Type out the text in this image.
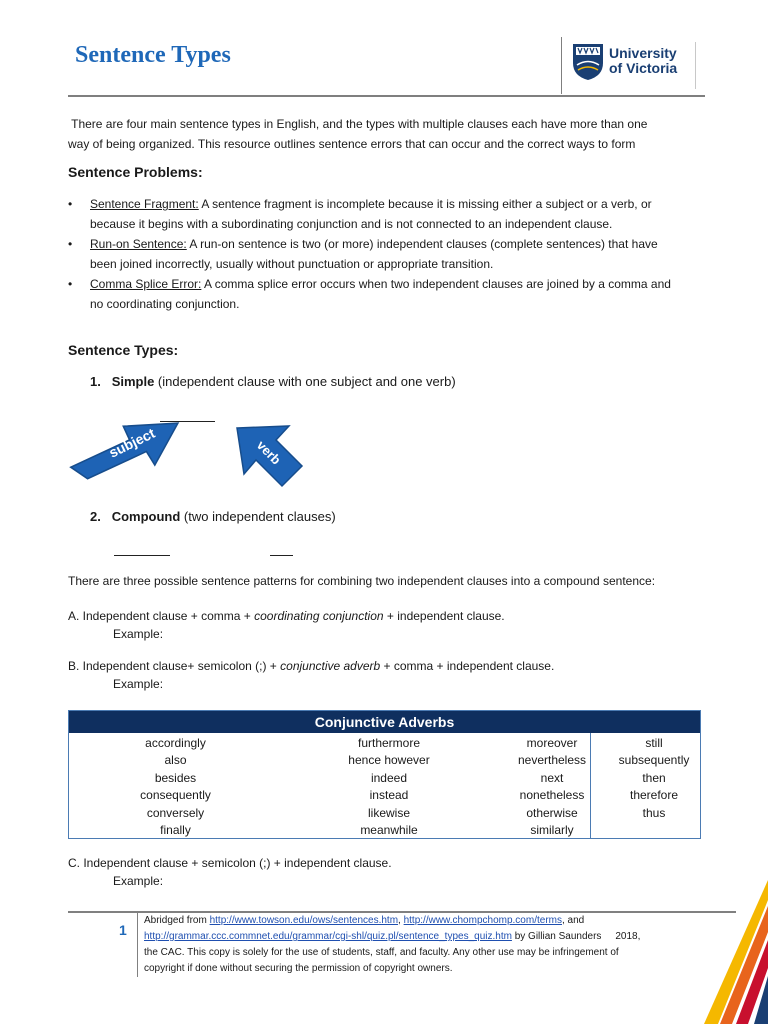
Sentence Types	University
of Victoria
There are four main sentence types in English, and the types with multiple clauses each have more than one
way of being organized. This resource outlines sentence errors that can occur and the correct ways to form
Sentence Problems:
• Sentence Fragment: A sentence fragment is incomplete because it is missing either a subject or a verb, or
because it begins with a subordinating conjunction and is not connected to an independent clause.
• Run-on Sentence: A run-on sentence is two (or more) independent clauses (complete sentences) that have
been joined incorrectly, usually without punctuation or appropriate transition.
• Comma Splice Error: A comma splice error occurs when two independent clauses are joined by a comma and
no coordinating conjunction.
Sentence Types:
1. Simple (independent clause with one subject and one verb)
subject	verb
2. Compound (two independent clauses)
There are three possible sentence patterns for combining two independent clauses into a compound sentence:
A. Independent clause + comma + coordinating conjunction + independent clause.
Example:
B. Independent clause+ semicolon (;) + conjunctive adverb + comma + independent clause.
Example:
Conjunctive Adverbs
accordingly
also
besides
consequently
conversely
finally
furthermore
hence however
indeed
instead
likewise
meanwhile
moreover
nevertheless
next
nonetheless
otherwise
similarly
still
subsequently
then
therefore
thus
C. Independent clause + semicolon (;) + independent clause.
Example:
1
Abridged from http://www.towson.edu/ows/sentences.htm, http://www.chompchomp.com/terms, and
http://grammar.ccc.commnet.edu/grammar/cgi-shl/quiz.pl/sentence_types_quiz.htm by Gillian Saunders     2018,
the CAC. This copy is solely for the use of students, staff, and faculty. Any other use may be infringement of
copyright if done without securing the permission of copyright owners.
